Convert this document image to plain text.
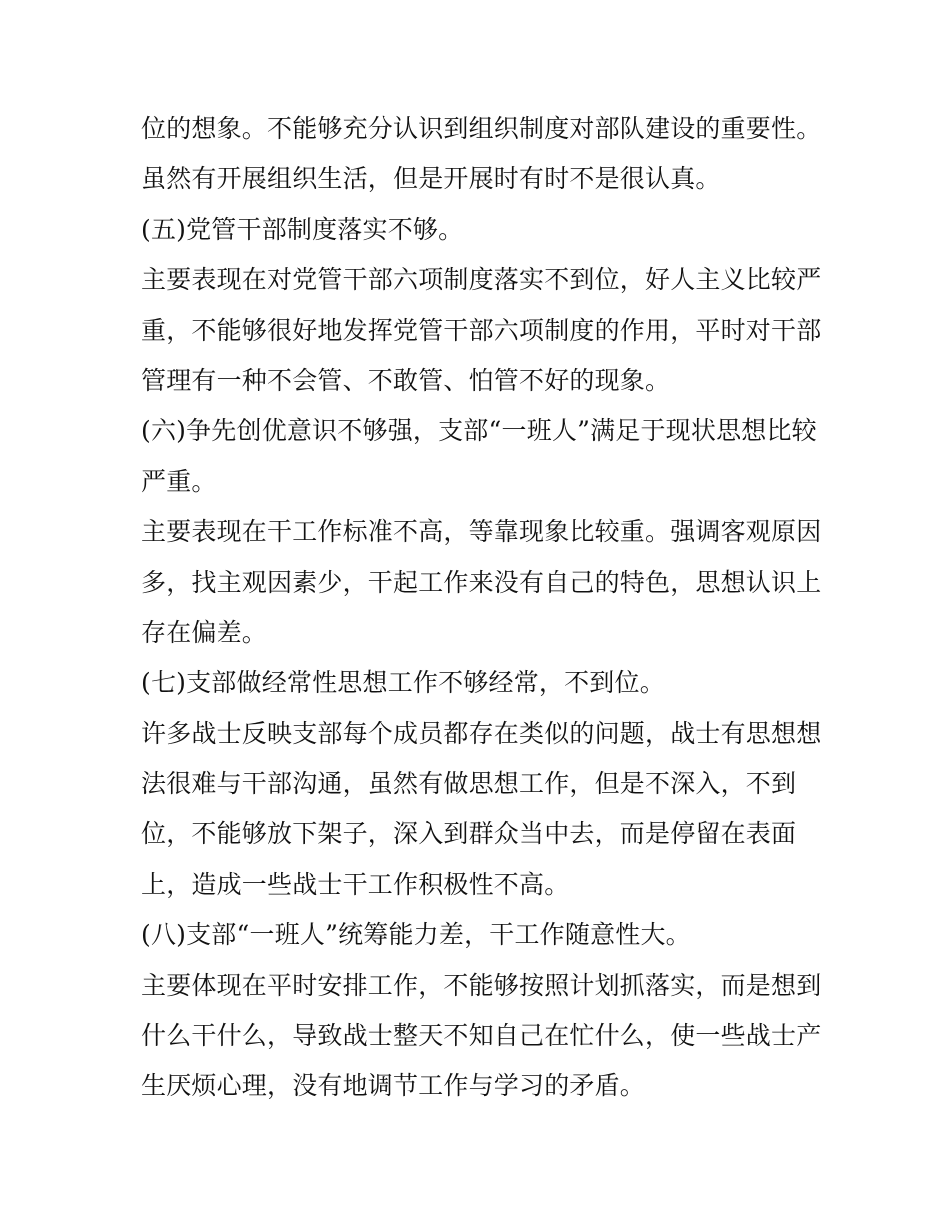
位的想象。不能够充分认识到组织制度对部队建设的重要性。
虽然有开展组织生活，但是开展时有时不是很认真。
(五)党管干部制度落实不够。
主要表现在对党管干部六项制度落实不到位，好人主义比较严
重，不能够很好地发挥党管干部六项制度的作用，平时对干部
管理有一种不会管、不敢管、怕管不好的现象。
(六)争先创优意识不够强，支部“一班人”满足于现状思想比较
严重。
主要表现在干工作标准不高，等靠现象比较重。强调客观原因
多，找主观因素少，干起工作来没有自己的特色，思想认识上
存在偏差。
(七)支部做经常性思想工作不够经常，不到位。
许多战士反映支部每个成员都存在类似的问题，战士有思想想
法很难与干部沟通，虽然有做思想工作，但是不深入，不到
位，不能够放下架子，深入到群众当中去，而是停留在表面
上，造成一些战士干工作积极性不高。
(八)支部“一班人”统筹能力差，干工作随意性大。
主要体现在平时安排工作，不能够按照计划抓落实，而是想到
什么干什么，导致战士整天不知自己在忙什么，使一些战士产
生厌烦心理，没有地调节工作与学习的矛盾。
